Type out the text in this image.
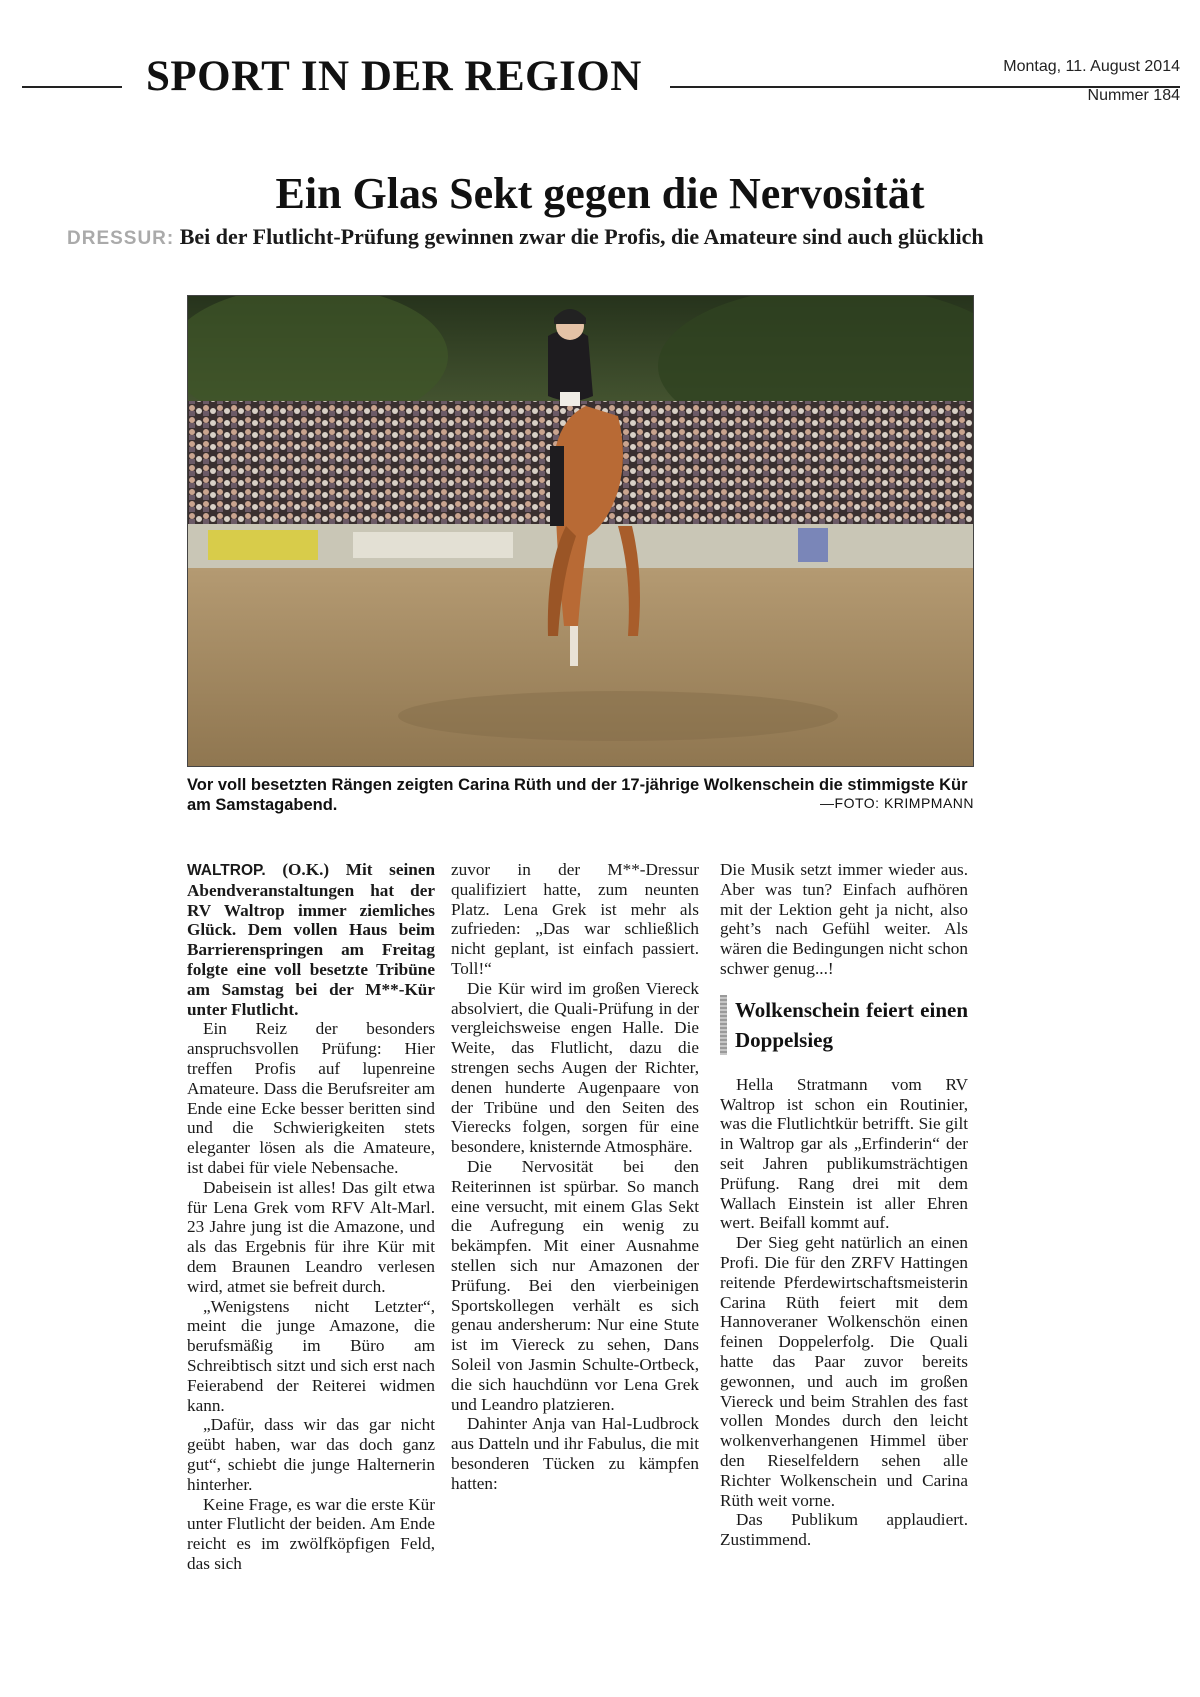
SPORT IN DER REGION	Montag, 11. August 2014
Nummer 184
Ein Glas Sekt gegen die Nervosität
DRESSUR: Bei der Flutlicht-Prüfung gewinnen zwar die Profis, die Amateure sind auch glücklich
Vor voll besetzten Rängen zeigten Carina Rüth und der 17-jährige Wolkenschein die stimmigste Kür am Samstagabend.	—FOTO: KRIMPMANN

WALTROP. (O.K.) Mit seinen Abendveranstaltungen hat der RV Waltrop immer ziemliches Glück. Dem vollen Haus beim Barrierenspringen am Freitag folgte eine voll besetzte Tribüne am Samstag bei der M**-Kür unter Flutlicht.

Ein Reiz der besonders anspruchsvollen Prüfung: Hier treffen Profis auf lupenreine Amateure. Dass die Berufsreiter am Ende eine Ecke besser beritten sind und die Schwierigkeiten stets eleganter lösen als die Amateure, ist dabei für viele Nebensache.

Dabeisein ist alles! Das gilt etwa für Lena Grek vom RFV Alt-Marl. 23 Jahre jung ist die Amazone, und als das Ergebnis für ihre Kür mit dem Braunen Leandro verlesen wird, atmet sie befreit durch.

„Wenigstens nicht Letzter“, meint die junge Amazone, die berufsmäßig im Büro am Schreibtisch sitzt und sich erst nach Feierabend der Reiterei widmen kann.

„Dafür, dass wir das gar nicht geübt haben, war das doch ganz gut“, schiebt die junge Halternerin hinterher.

Keine Frage, es war die erste Kür unter Flutlicht der beiden. Am Ende reicht es im zwölfköpfigen Feld, das sich

zuvor in der M**-Dressur qualifiziert hatte, zum neunten Platz. Lena Grek ist mehr als zufrieden: „Das war schließlich nicht geplant, ist einfach passiert. Toll!“

Die Kür wird im großen Viereck absolviert, die Quali-Prüfung in der vergleichsweise engen Halle. Die Weite, das Flutlicht, dazu die strengen sechs Augen der Richter, denen hunderte Augenpaare von der Tribüne und den Seiten des Vierecks folgen, sorgen für eine besondere, knisternde Atmosphäre.

Die Nervosität bei den Reiterinnen ist spürbar. So manch eine versucht, mit einem Glas Sekt die Aufregung ein wenig zu bekämpfen. Mit einer Ausnahme stellen sich nur Amazonen der Prüfung. Bei den vierbeinigen Sportskollegen verhält es sich genau andersherum: Nur eine Stute ist im Viereck zu sehen, Dans Soleil von Jasmin Schulte-Ortbeck, die sich hauchdünn vor Lena Grek und Leandro platzieren.

Dahinter Anja van Hal-Ludbrock aus Datteln und ihr Fabulus, die mit besonderen Tücken zu kämpfen hatten:

Die Musik setzt immer wieder aus. Aber was tun? Einfach aufhören mit der Lektion geht ja nicht, also geht’s nach Gefühl weiter. Als wären die Bedingungen nicht schon schwer genug...!

Wolkenschein feiert einen Doppelsieg

Hella Stratmann vom RV Waltrop ist schon ein Routinier, was die Flutlichtkür betrifft. Sie gilt in Waltrop gar als „Erfinderin“ der seit Jahren publikumsträchtigen Prüfung. Rang drei mit dem Wallach Einstein ist aller Ehren wert. Beifall kommt auf.

Der Sieg geht natürlich an einen Profi. Die für den ZRFV Hattingen reitende Pferdewirtschaftsmeisterin Carina Rüth feiert mit dem Hannoveraner Wolkenschön einen feinen Doppelerfolg. Die Quali hatte das Paar zuvor bereits gewonnen, und auch im großen Viereck und beim Strahlen des fast vollen Mondes durch den leicht wolkenverhangenen Himmel über den Rieselfeldern sehen alle Richter Wolkenschein und Carina Rüth weit vorne.

Das Publikum applaudiert. Zustimmend.
